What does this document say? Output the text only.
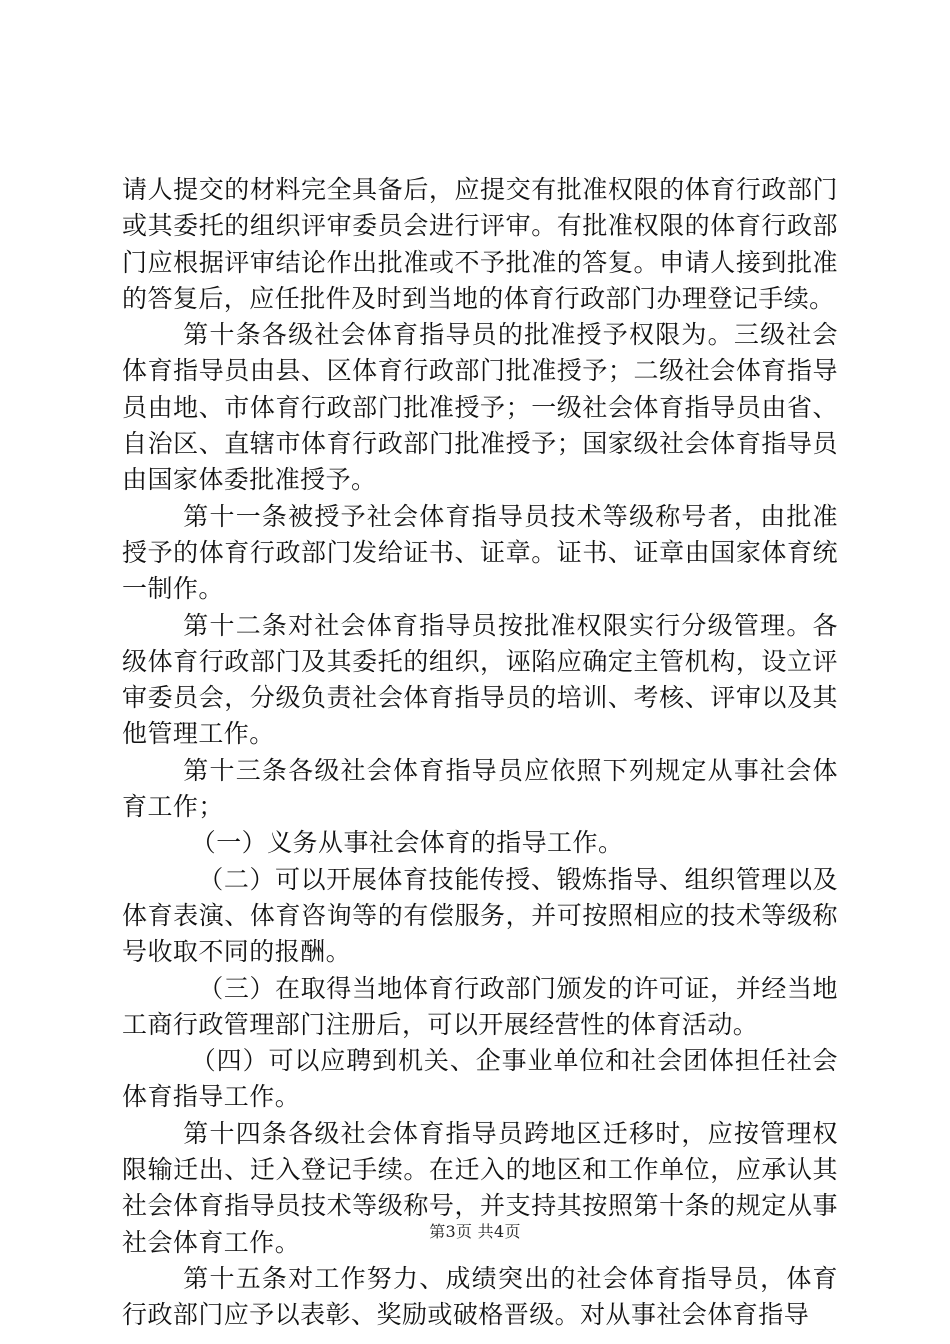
请人提交的材料完全具备后，应提交有批准权限的体育行政部门或其委托的组织评审委员会进行评审。有批准权限的体育行政部门应根据评审结论作出批准或不予批准的答复。申请人接到批准的答复后，应任批件及时到当地的体育行政部门办理登记手续。

第十条各级社会体育指导员的批准授予权限为。三级社会体育指导员由县、区体育行政部门批准授予；二级社会体育指导员由地、市体育行政部门批准授予；一级社会体育指导员由省、自治区、直辖市体育行政部门批准授予；国家级社会体育指导员由国家体委批准授予。

第十一条被授予社会体育指导员技术等级称号者，由批准授予的体育行政部门发给证书、证章。证书、证章由国家体育统一制作。

第十二条对社会体育指导员按批准权限实行分级管理。各级体育行政部门及其委托的组织，诬陷应确定主管机构，设立评审委员会，分级负责社会体育指导员的培训、考核、评审以及其他管理工作。

第十三条各级社会体育指导员应依照下列规定从事社会体育工作；

（一）义务从事社会体育的指导工作。

（二）可以开展体育技能传授、锻炼指导、组织管理以及体育表演、体育咨询等的有偿服务，并可按照相应的技术等级称号收取不同的报酬。

（三）在取得当地体育行政部门颁发的许可证，并经当地工商行政管理部门注册后，可以开展经营性的体育活动。

（四）可以应聘到机关、企事业单位和社会团体担任社会体育指导工作。

第十四条各级社会体育指导员跨地区迁移时，应按管理权限输迁出、迁入登记手续。在迁入的地区和工作单位，应承认其社会体育指导员技术等级称号，并支持其按照第十条的规定从事社会体育工作。

第十五条对工作努力、成绩突出的社会体育指导员，体育行政部门应予以表彰、奖励或破格晋级。对从事社会体育指导

第3页 共4页
